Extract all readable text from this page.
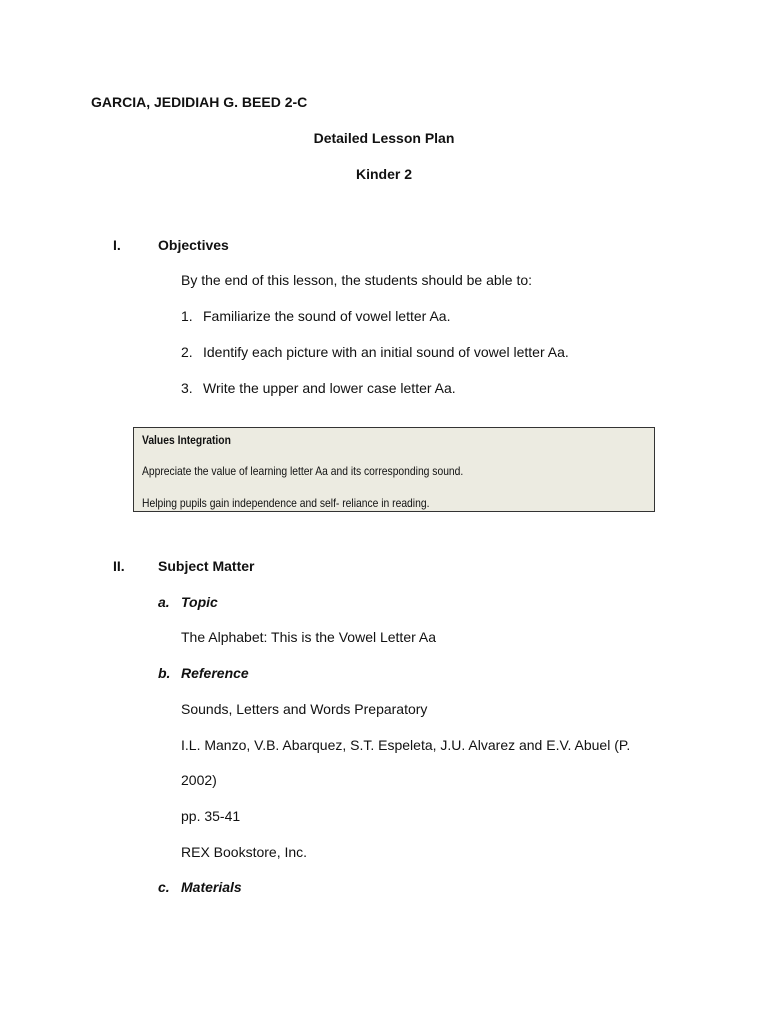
GARCIA, JEDIDIAH G. BEED 2-C
Detailed Lesson Plan
Kinder 2
I.	Objectives
By the end of this lesson, the students should be able to:
1. Familiarize the sound of vowel letter Aa.
2. Identify each picture with an initial sound of vowel letter Aa.
3. Write the upper and lower case letter Aa.
Values Integration
Appreciate the value of learning letter Aa and its corresponding sound.
Helping pupils gain independence and self- reliance in reading.
II. Subject Matter
a. Topic
The Alphabet: This is the Vowel Letter Aa
b. Reference
Sounds, Letters and Words Preparatory
I.L. Manzo, V.B. Abarquez, S.T. Espeleta, J.U. Alvarez and E.V. Abuel (P.
2002)
pp. 35-41
REX Bookstore, Inc.
c. Materials
